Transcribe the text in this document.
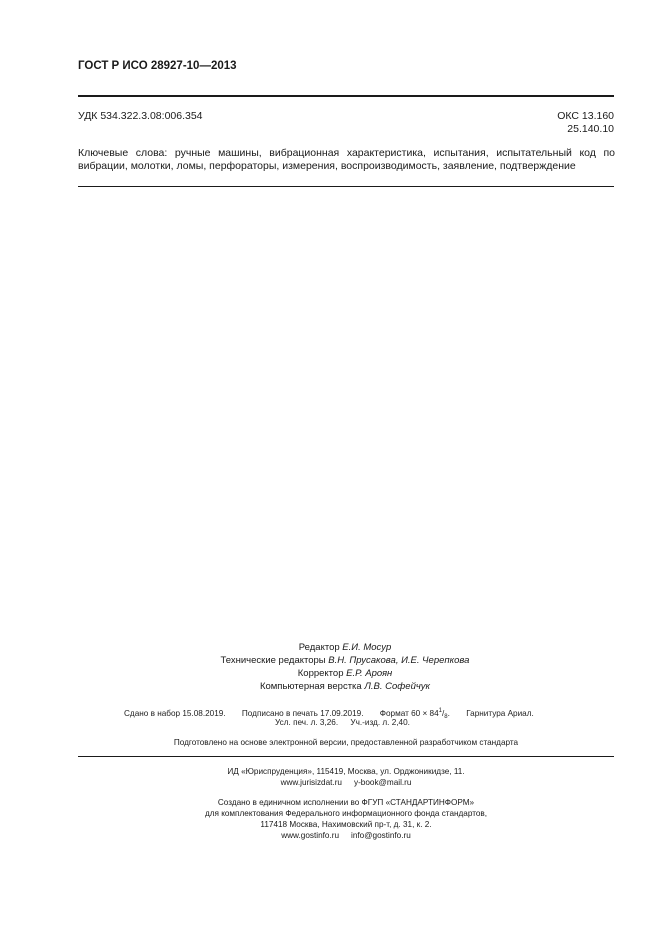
ГОСТ Р ИСО 28927-10—2013
УДК 534.322.3.08:006.354	ОКС 13.160
25.140.10
Ключевые слова: ручные машины, вибрационная характеристика, испытания, испытательный код по вибрации, молотки, ломы, перфораторы, измерения, воспроизводимость, заявление, подтверждение
Редактор Е.И. Мосур
Технические редакторы В.Н. Прусакова, И.Е. Черепкова
Корректор Е.Р. Ароян
Компьютерная верстка Л.В. Софейчук
Сдано в набор 15.08.2019. Подписано в печать 17.09.2019. Формат $60 \times 84^1/_8$. Гарнитура Ариал.
Усл. печ. л. 3,26. Уч.-изд. л. 2,40.
Подготовлено на основе электронной версии, предоставленной разработчиком стандарта
ИД «Юриспруденция», 115419, Москва, ул. Орджоникидзе, 11.
www.jurisizdat.ru y-book@mail.ru
Создано в единичном исполнении во ФГУП «СТАНДАРТИНФОРМ»
для комплектования Федерального информационного фонда стандартов,
117418 Москва, Нахимовский пр-т, д. 31, к. 2.
www.gostinfo.ru info@gostinfo.ru
